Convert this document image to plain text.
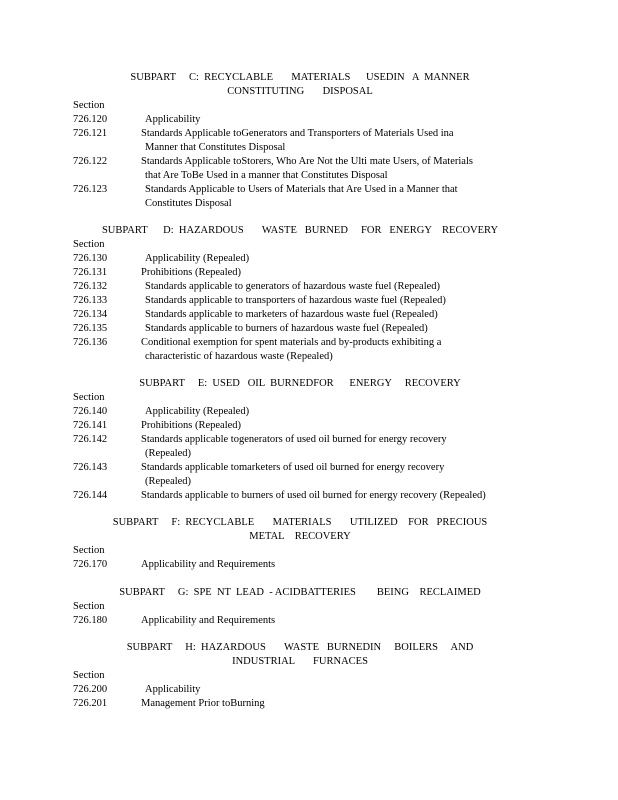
SUBPART     C:  RECYCLABLE       MATERIALS      USEDIN   A  MANNER
CONSTITUTING       DISPOSAL
Section
726.120	Applicability
726.121	Standards Applicable toGenerators and Transporters of Materials Used ina
Manner that Constitutes Disposal
726.122	Standards Applicable toStorers, Who Are Not the Ulti mate Users, of Materials
that Are ToBe Used in a manner that Constitutes Disposal
726.123	Standards Applicable to Users of Materials that Are Used in a Manner that
Constitutes Disposal
SUBPART      D:  HAZARDOUS       WASTE   BURNED     FOR   ENERGY    RECOVERY
Section
726.130	Applicability (Repealed)
726.131	Prohibitions (Repealed)
726.132	Standards applicable to generators of hazardous waste fuel (Repealed)
726.133	Standards applicable to transporters of hazardous waste fuel (Repealed)
726.134	Standards applicable to marketers of hazardous waste fuel (Repealed)
726.135	Standards applicable to burners of hazardous waste fuel (Repealed)
726.136	Conditional exemption for spent materials and by-products exhibiting a
characteristic of hazardous waste (Repealed)
SUBPART     E:  USED   OIL  BURNEDFOR      ENERGY     RECOVERY
Section
726.140	Applicability (Repealed)
726.141	Prohibitions (Repealed)
726.142	Standards applicable togenerators of used oil burned for energy recovery
(Repealed)
726.143	Standards applicable tomarketers of used oil burned for energy recovery
(Repealed)
726.144	Standards applicable to burners of used oil burned for energy recovery (Repealed)
SUBPART     F:  RECYCLABLE       MATERIALS       UTILIZED    FOR   PRECIOUS
METAL    RECOVERY
Section
726.170	Applicability and Requirements
SUBPART     G:  SPE  NT  LEAD  - ACIDBATTERIES        BEING    RECLAIMED
Section
726.180	Applicability and Requirements
SUBPART     H:  HAZARDOUS       WASTE   BURNEDIN     BOILERS     AND
INDUSTRIAL       FURNACES
Section
726.200	Applicability
726.201	Management Prior toBurning
